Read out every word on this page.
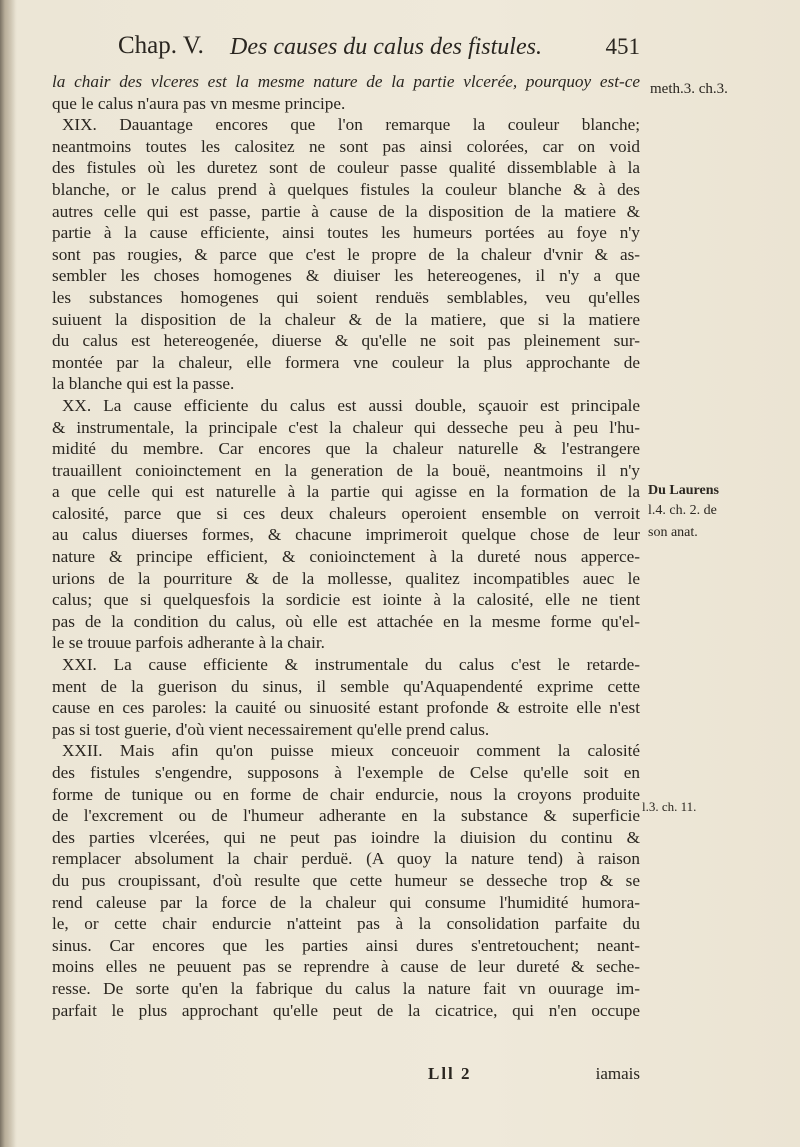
Chap. V. Des causes du calus des fistules.	451
la chair des vlceres est la mesme nature de la partie vlcerée, pourquoy est-ce
que le calus n'aura pas vn mesme principe.
XIX. Dauantage encores que l'on remarque la couleur blanche;
neantmoins toutes les calositez ne sont pas ainsi colorées, car on void
des fistules où les duretez sont de couleur passe qualité dissemblable à la
blanche, or le calus prend à quelques fistules la couleur blanche & à des
autres celle qui est passe, partie à cause de la disposition de la matiere &
partie à la cause efficiente, ainsi toutes les humeurs portées au foye n'y
sont pas rougies, & parce que c'est le propre de la chaleur d'vnir & as-
sembler les choses homogenes & diuiser les hetereogenes, il n'y a que
les substances homogenes qui soient renduës semblables, veu qu'elles
suiuent la disposition de la chaleur & de la matiere, que si la matiere
du calus est hetereogenée, diuerse & qu'elle ne soit pas pleinement sur-
montée par la chaleur, elle formera vne couleur la plus approchante de
la blanche qui est la passe.
XX. La cause efficiente du calus est aussi double, sçauoir est principale
& instrumentale, la principale c'est la chaleur qui desseche peu à peu l'hu-
midité du membre. Car encores que la chaleur naturelle & l'estrangere
trauaillent conioinctement en la generation de la bouë, neantmoins il n'y
a que celle qui est naturelle à la partie qui agisse en la formation de la
calosité, parce que si ces deux chaleurs operoient ensemble on verroit
au calus diuerses formes, & chacune imprimeroit quelque chose de leur
nature & principe efficient, & conioinctement à la dureté nous apperce-
urions de la pourriture & de la mollesse, qualitez incompatibles auec le
calus; que si quelquesfois la sordicie est iointe à la calosité, elle ne tient
pas de la condition du calus, où elle est attachée en la mesme forme qu'el-
le se trouue parfois adherante à la chair.
XXI. La cause efficiente & instrumentale du calus c'est le retarde-
ment de la guerison du sinus, il semble qu'Aquapendenté exprime cette
cause en ces paroles: la cauité ou sinuosité estant profonde & estroite elle n'est
pas si tost guerie, d'où vient necessairement qu'elle prend calus.
XXII. Mais afin qu'on puisse mieux conceuoir comment la calosité
des fistules s'engendre, supposons à l'exemple de Celse qu'elle soit en
forme de tunique ou en forme de chair endurcie, nous la croyons produite
de l'excrement ou de l'humeur adherante en la substance & superficie
des parties vlcerées, qui ne peut pas ioindre la diuision du continu &
remplacer absolument la chair perduë. (A quoy la nature tend) à raison
du pus croupissant, d'où resulte que cette humeur se desseche trop & se
rend caleuse par la force de la chaleur qui consume l'humidité humora-
le, or cette chair endurcie n'atteint pas à la consolidation parfaite du
sinus. Car encores que les parties ainsi dures s'entretouchent; neant-
moins elles ne peuuent pas se reprendre à cause de leur dureté & seche-
resse. De sorte qu'en la fabrique du calus la nature fait vn ouurage im-
parfait le plus approchant qu'elle peut de la cicatrice, qui n'en occupe
Lll 2	iamais
meth.3. ch.3.
Du Laurens
l.4. ch. 2. de
son anat.
l.3. ch. 11.
